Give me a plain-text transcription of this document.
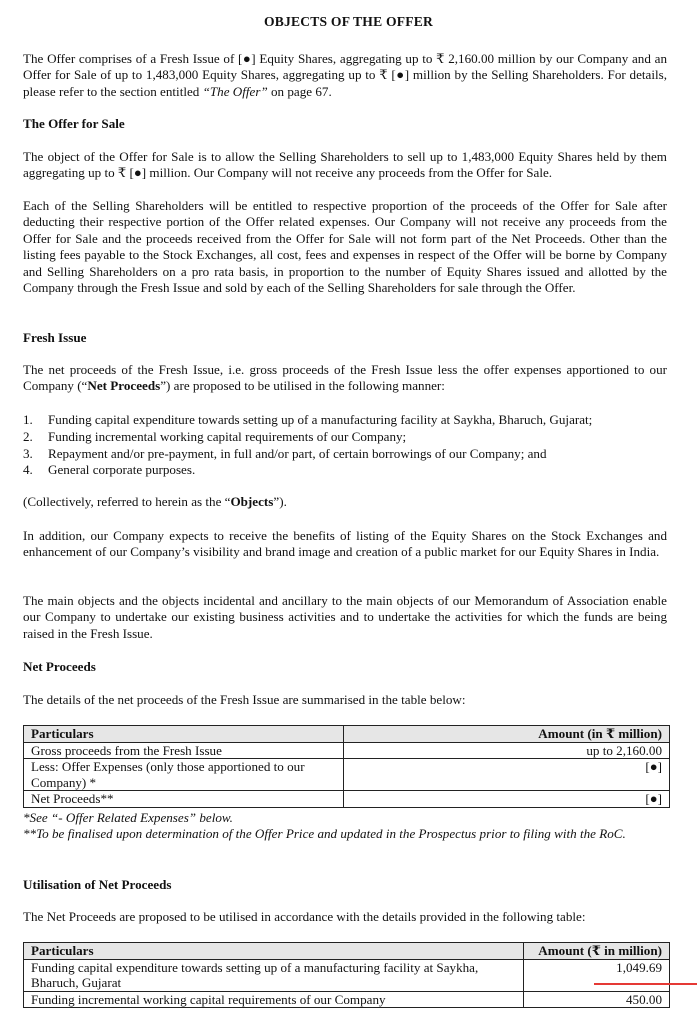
OBJECTS OF THE OFFER

The Offer comprises of a Fresh Issue of [●] Equity Shares, aggregating up to ₹ 2,160.00 million by our Company and an Offer for Sale of up to 1,483,000 Equity Shares, aggregating up to ₹ [●] million by the Selling Shareholders. For details, please refer to the section entitled “The Offer” on page 67.

The Offer for Sale

The object of the Offer for Sale is to allow the Selling Shareholders to sell up to 1,483,000 Equity Shares held by them aggregating up to ₹ [●] million. Our Company will not receive any proceeds from the Offer for Sale.

Each of the Selling Shareholders will be entitled to respective proportion of the proceeds of the Offer for Sale after deducting their respective portion of the Offer related expenses. Our Company will not receive any proceeds from the Offer for Sale and the proceeds received from the Offer for Sale will not form part of the Net Proceeds. Other than the listing fees payable to the Stock Exchanges, all cost, fees and expenses in respect of the Offer will be borne by Company and Selling Shareholders on a pro rata basis, in proportion to the number of Equity Shares issued and allotted by the Company through the Fresh Issue and sold by each of the Selling Shareholders for sale through the Offer.

Fresh Issue

The net proceeds of the Fresh Issue, i.e. gross proceeds of the Fresh Issue less the offer expenses apportioned to our Company (“Net Proceeds”) are proposed to be utilised in the following manner:

1. Funding capital expenditure towards setting up of a manufacturing facility at Saykha, Bharuch, Gujarat;
2. Funding incremental working capital requirements of our Company;
3. Repayment and/or pre-payment, in full and/or part, of certain borrowings of our Company; and
4. General corporate purposes.

(Collectively, referred to herein as the “Objects”).

In addition, our Company expects to receive the benefits of listing of the Equity Shares on the Stock Exchanges and enhancement of our Company’s visibility and brand image and creation of a public market for our Equity Shares in India.

The main objects and the objects incidental and ancillary to the main objects of our Memorandum of Association enable our Company to undertake our existing business activities and to undertake the activities for which the funds are being raised in the Fresh Issue.

Net Proceeds

The details of the net proceeds of the Fresh Issue are summarised in the table below:

Particulars	Amount (in ₹ million)
Gross proceeds from the Fresh Issue	up to 2,160.00
Less: Offer Expenses (only those apportioned to our Company) *	[●]
Net Proceeds**	[●]
*See “- Offer Related Expenses” below.
**To be finalised upon determination of the Offer Price and updated in the Prospectus prior to filing with the RoC.

Utilisation of Net Proceeds

The Net Proceeds are proposed to be utilised in accordance with the details provided in the following table:

Particulars	Amount (₹ in million)
Funding capital expenditure towards setting up of a manufacturing facility at Saykha, Bharuch, Gujarat	1,049.69
Funding incremental working capital requirements of our Company	450.00
